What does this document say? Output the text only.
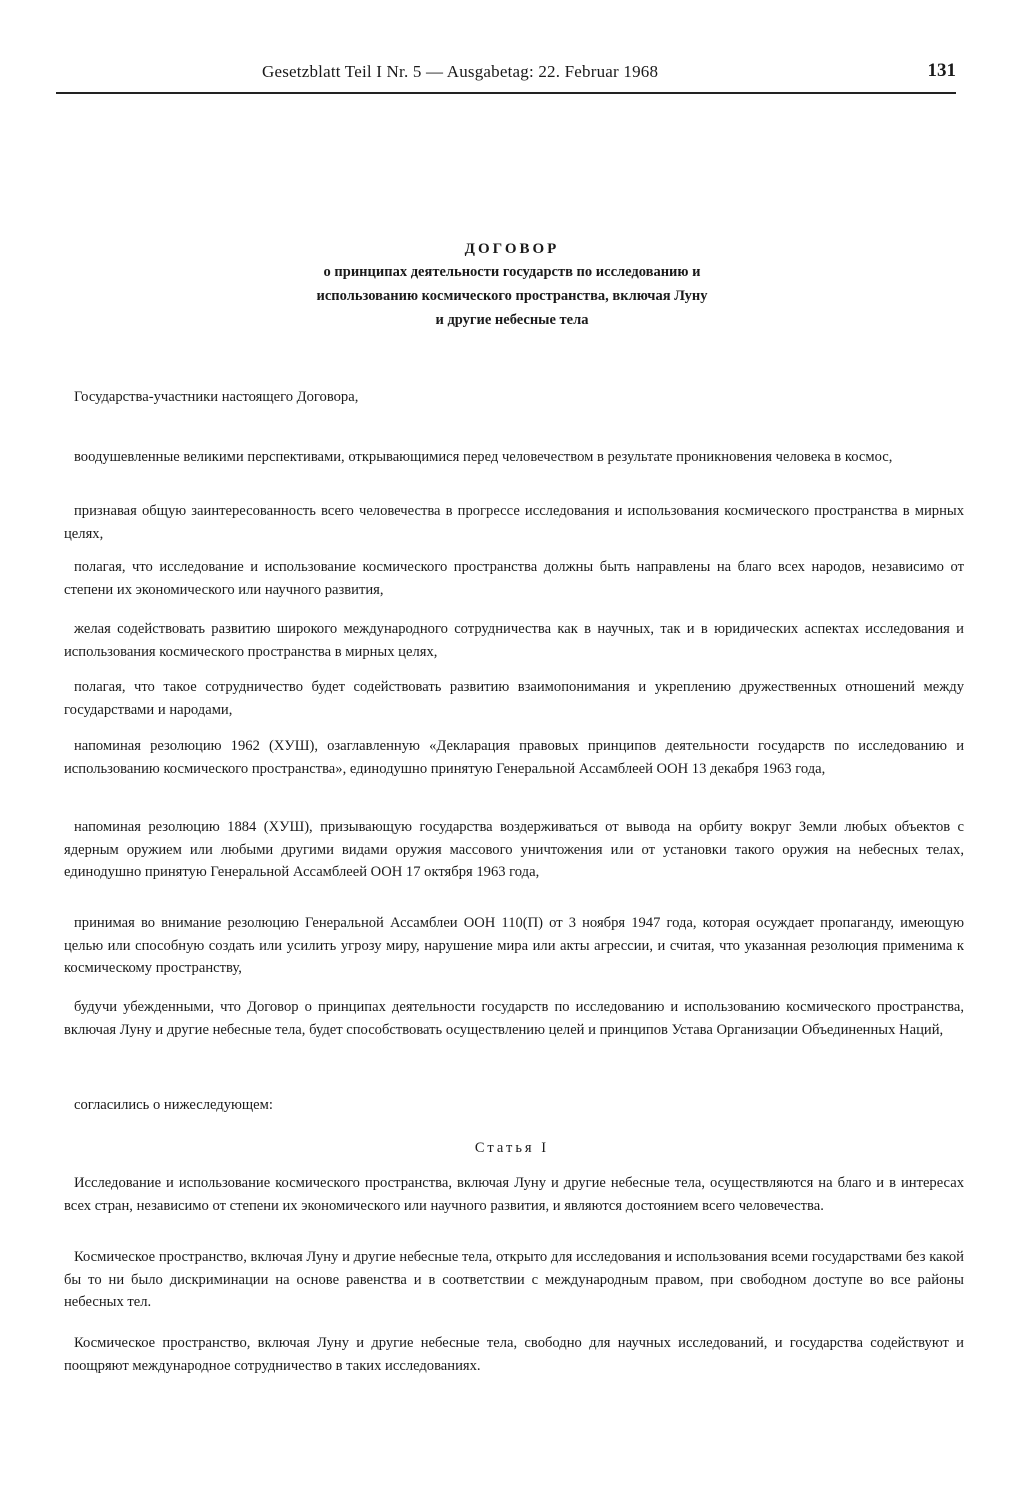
Gesetzblatt Teil I Nr. 5 — Ausgabetag: 22. Februar 1968	131
ДОГОВОР
о принципах деятельности государств по исследованию и
использованию космического пространства, включая Луну
и другие небесные тела

Государства-участники настоящего Договора,

воодушевленные великими перспективами, открывающимися перед человечеством в результате проникновения человека в космос,

признавая общую заинтересованность всего человечества в прогрессе исследования и использования космического пространства в мирных целях,

полагая, что исследование и использование космического пространства должны быть направлены на благо всех народов, независимо от степени их экономического или научного развития,

желая содействовать развитию широкого международного сотрудничества как в научных, так и в юридических аспектах исследования и использования космического пространства в мирных целях,

полагая, что такое сотрудничество будет содействовать развитию взаимопонимания и укреплению дружественных отношений между государствами и народами,

напоминая резолюцию 1962 (ХУШ), озаглавленную «Декларация правовых принципов деятельности государств по исследованию и использованию космического пространства», единодушно принятую Генеральной Ассамблеей ООН 13 декабря 1963 года,

напоминая резолюцию 1884 (ХУШ), призывающую государства воздерживаться от вывода на орбиту вокруг Земли любых объектов с ядерным оружием или любыми другими видами оружия массового уничтожения или от установки такого оружия на небесных телах, единодушно принятую Генеральной Ассамблеей ООН 17 октября 1963 года,

принимая во внимание резолюцию Генеральной Ассамблеи ООН 110(П) от 3 ноября 1947 года, которая осуждает пропаганду, имеющую целью или способную создать или усилить угрозу миру, нарушение мира или акты агрессии, и считая, что указанная резолюция применима к космическому пространству,

будучи убежденными, что Договор о принципах деятельности государств по исследованию и использованию космического пространства, включая Луну и другие небесные тела, будет способствовать осуществлению целей и принципов Устава Организации Объединенных Наций,

согласились о нижеследующем:

Статья I

Исследование и использование космического пространства, включая Луну и другие небесные тела, осуществляются на благо и в интересах всех стран, независимо от степени их экономического или научного развития, и являются достоянием всего человечества.

Космическое пространство, включая Луну и другие небесные тела, открыто для исследования и использования всеми государствами без какой бы то ни было дискриминации на основе равенства и в соответствии с международным правом, при свободном доступе во все районы небесных тел.

Космическое пространство, включая Луну и другие небесные тела, свободно для научных исследований, и государства содействуют и поощряют международное сотрудничество в таких исследованиях.
